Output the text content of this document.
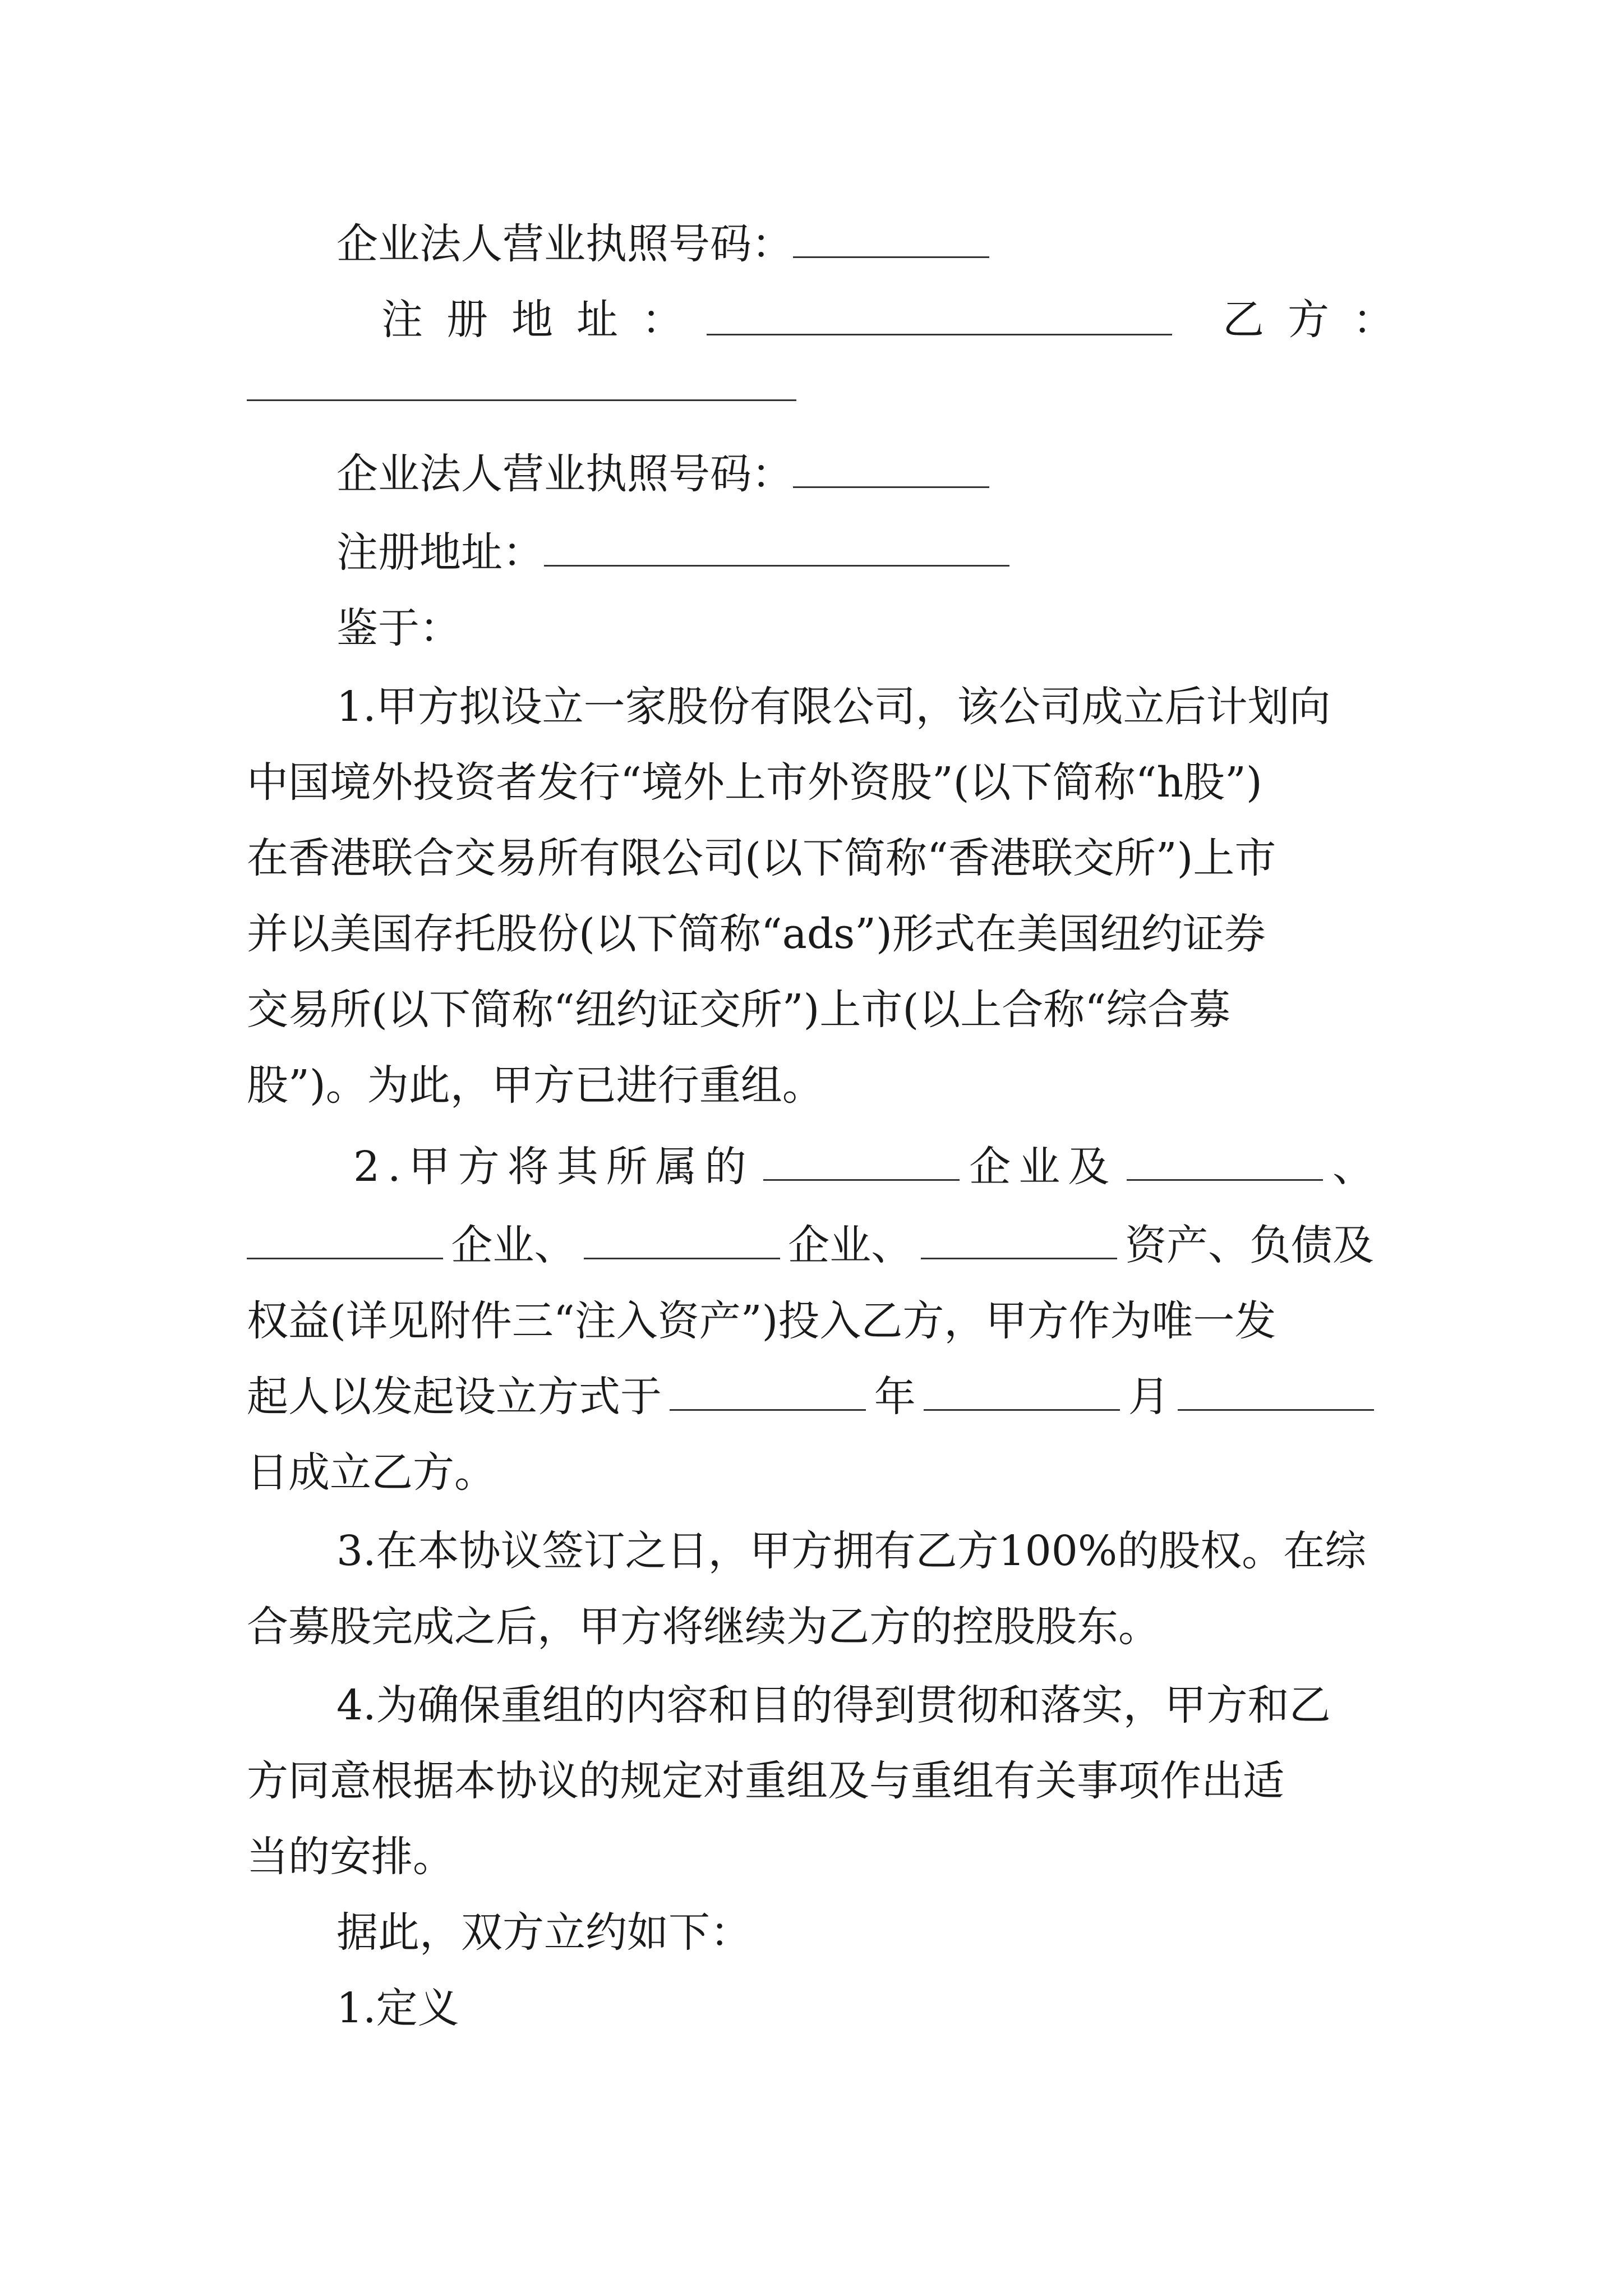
企业法人营业执照号码：
注册地址：	乙方：
企业法人营业执照号码：
注册地址：
鉴于：
1.甲方拟设立一家股份有限公司，该公司成立后计划向
中国境外投资者发行“境外上市外资股”(以下简称“h股”)
在香港联合交易所有限公司(以下简称“香港联交所”)上市
并以美国存托股份(以下简称“ads”)形式在美国纽约证券
交易所(以下简称“纽约证交所”)上市(以上合称“综合募
股”)。为此，甲方已进行重组。
2.甲方将其所属的	企业及	、
企业、	企业、	资产、负债及
权益(详见附件三“注入资产”)投入乙方，甲方作为唯一发
起人以发起设立方式于	年	月
日成立乙方。
3.在本协议签订之日，甲方拥有乙方100%的股权。在综
合募股完成之后，甲方将继续为乙方的控股股东。
4.为确保重组的内容和目的得到贯彻和落实，甲方和乙
方同意根据本协议的规定对重组及与重组有关事项作出适
当的安排。
据此，双方立约如下：
1.定义
